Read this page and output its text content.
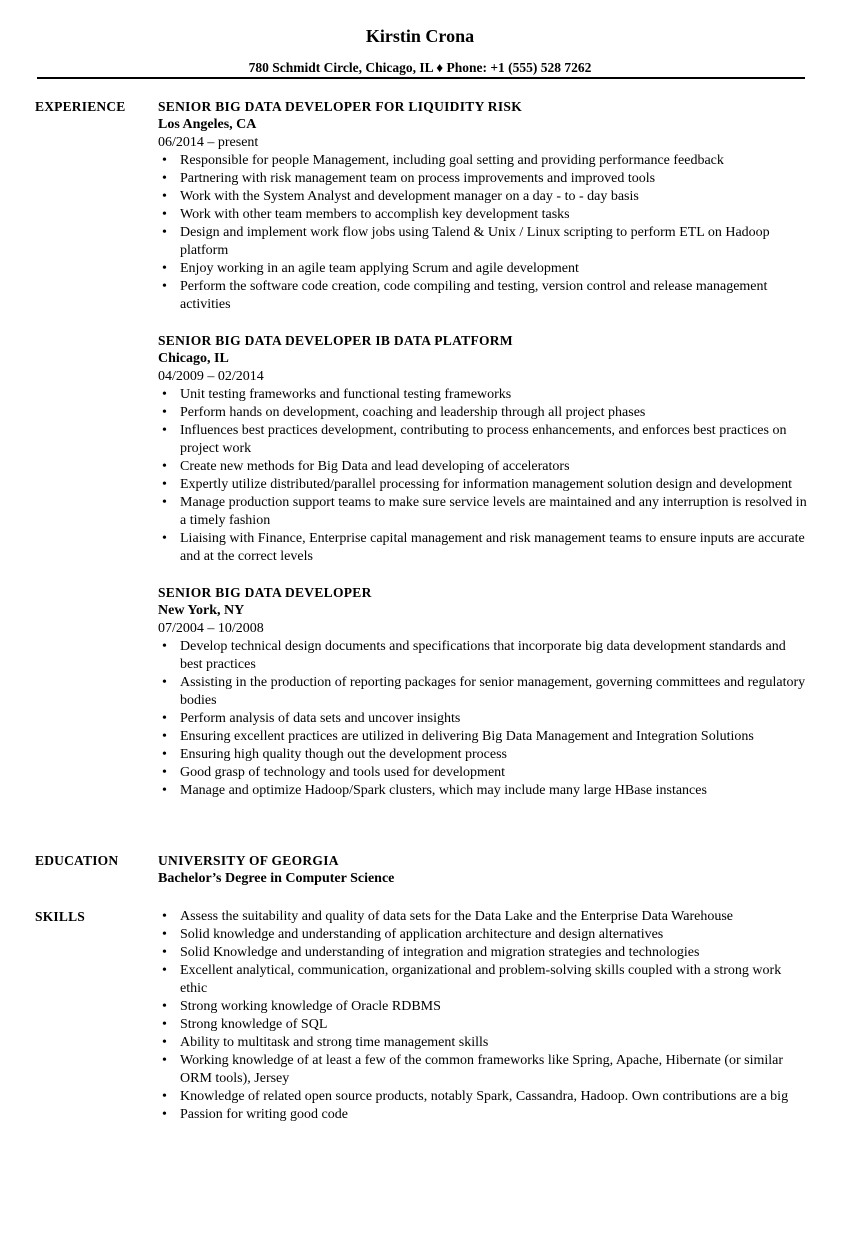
Kirstin Crona
780 Schmidt Circle, Chicago, IL ♦ Phone: +1 (555) 528 7262
EXPERIENCE SENIOR BIG DATA DEVELOPER FOR LIQUIDITY RISK
Los Angeles, CA
06/2014 – present
• Responsible for people Management, including goal setting and providing performance feedback
• Partnering with risk management team on process improvements and improved tools
• Work with the System Analyst and development manager on a day - to - day basis
• Work with other team members to accomplish key development tasks
• Design and implement work flow jobs using Talend & Unix / Linux scripting to perform ETL on Hadoop platform
• Enjoy working in an agile team applying Scrum and agile development
• Perform the software code creation, code compiling and testing, version control and release management activities
SENIOR BIG DATA DEVELOPER IB DATA PLATFORM
Chicago, IL
04/2009 – 02/2014
• Unit testing frameworks and functional testing frameworks
• Perform hands on development, coaching and leadership through all project phases
• Influences best practices development, contributing to process enhancements, and enforces best practices on project work
• Create new methods for Big Data and lead developing of accelerators
• Expertly utilize distributed/parallel processing for information management solution design and development
• Manage production support teams to make sure service levels are maintained and any interruption is resolved in a timely fashion
• Liaising with Finance, Enterprise capital management and risk management teams to ensure inputs are accurate and at the correct levels
SENIOR BIG DATA DEVELOPER
New York, NY
07/2004 – 10/2008
• Develop technical design documents and specifications that incorporate big data development standards and best practices
• Assisting in the production of reporting packages for senior management, governing committees and regulatory bodies
• Perform analysis of data sets and uncover insights
• Ensuring excellent practices are utilized in delivering Big Data Management and Integration Solutions
• Ensuring high quality though out the development process
• Good grasp of technology and tools used for development
• Manage and optimize Hadoop/Spark clusters, which may include many large HBase instances
EDUCATION	UNIVERSITY OF GEORGIA
Bachelor’s Degree in Computer Science
SKILLS
•	Assess the suitability and quality of data sets for the Data Lake and the Enterprise Data Warehouse
• Solid knowledge and understanding of application architecture and design alternatives
• Solid Knowledge and understanding of integration and migration strategies and technologies
• Excellent analytical, communication, organizational and problem-solving skills coupled with a strong work ethic
• Strong working knowledge of Oracle RDBMS
• Strong knowledge of SQL
• Ability to multitask and strong time management skills
• Working knowledge of at least a few of the common frameworks like Spring, Apache, Hibernate (or similar ORM tools), Jersey
• Knowledge of related open source products, notably Spark, Cassandra, Hadoop. Own contributions are a big
• Passion for writing good code
